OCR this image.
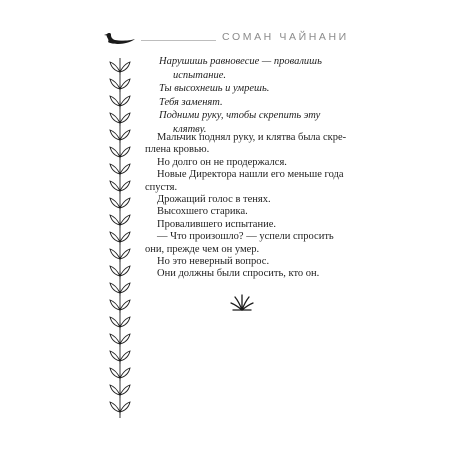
СОМАН ЧАЙНАНИ

Нарушишь равновесие — провалишь

испытание.

Ты высохнешь и умрешь.

Тебя заменят.

Подними руку, чтобы скрепить эту

клятву.

Мальчик поднял руку, и клятва была скре-

плена кровью.

Но долго он не продержался.

Новые Директора нашли его меньше года

спустя.

Дрожащий голос в тенях.

Высохшего старика.

Провалившего испытание.

— Что произошло? — успели спросить

они, прежде чем он умер.

Но это неверный вопрос.

Они должны были спросить, кто он.
